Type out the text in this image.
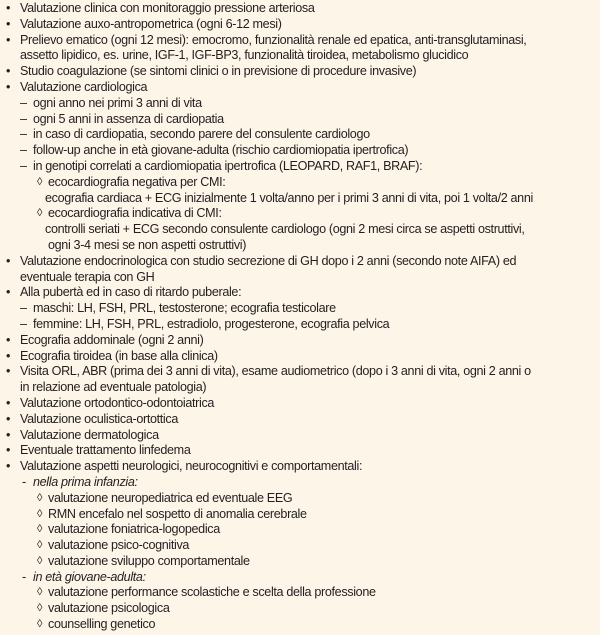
• Valutazione clinica con monitoraggio pressione arteriosa
• Valutazione auxo-antropometrica (ogni 6-12 mesi)
• Prelievo ematico (ogni 12 mesi): emocromo, funzionalità renale ed epatica, anti-transglutaminasi,
assetto lipidico, es. urine, IGF-1, IGF-BP3, funzionalità tiroidea, metabolismo glucidico
• Studio coagulazione (se sintomi clinici o in previsione di procedure invasive)
• Valutazione cardiologica
– ogni anno nei primi 3 anni di vita
– ogni 5 anni in assenza di cardiopatia
– in caso di cardiopatia, secondo parere del consulente cardiologo
– follow-up anche in età giovane-adulta (rischio cardiomiopatia ipertrofica)
– in genotipi correlati a cardiomiopatia ipertrofica (LEOPARD, RAF1, BRAF):
◊ ecocardiografia negativa per CMI:
ecografia cardiaca + ECG inizialmente 1 volta/anno per i primi 3 anni di vita, poi 1 volta/2 anni
◊ ecocardiografia indicativa di CMI:
controlli seriati + ECG secondo consulente cardiologo (ogni 2 mesi circa se aspetti ostruttivi,
ogni 3-4 mesi se non aspetti ostruttivi)
• Valutazione endocrinologica con studio secrezione di GH dopo i 2 anni (secondo note AIFA) ed
eventuale terapia con GH
• Alla pubertà ed in caso di ritardo puberale:
– maschi: LH, FSH, PRL, testosterone; ecografia testicolare
– femmine: LH, FSH, PRL, estradiolo, progesterone, ecografia pelvica
• Ecografia addominale (ogni 2 anni)
• Ecografia tiroidea (in base alla clinica)
• Visita ORL, ABR (prima dei 3 anni di vita), esame audiometrico (dopo i 3 anni di vita, ogni 2 anni o
in relazione ad eventuale patologia)
• Valutazione ortodontico-odontoiatrica
• Valutazione oculistica-ortottica
• Valutazione dermatologica
• Eventuale trattamento linfedema
• Valutazione aspetti neurologici, neurocognitivi e comportamentali:
- nella prima infanzia:
◊ valutazione neuropediatrica ed eventuale EEG
◊ RMN encefalo nel sospetto di anomalia cerebrale
◊ valutazione foniatrica-logopedica
◊ valutazione psico-cognitiva
◊ valutazione sviluppo comportamentale
- in età giovane-adulta:
◊ valutazione performance scolastiche e scelta della professione
◊ valutazione psicologica
◊ counselling genetico
